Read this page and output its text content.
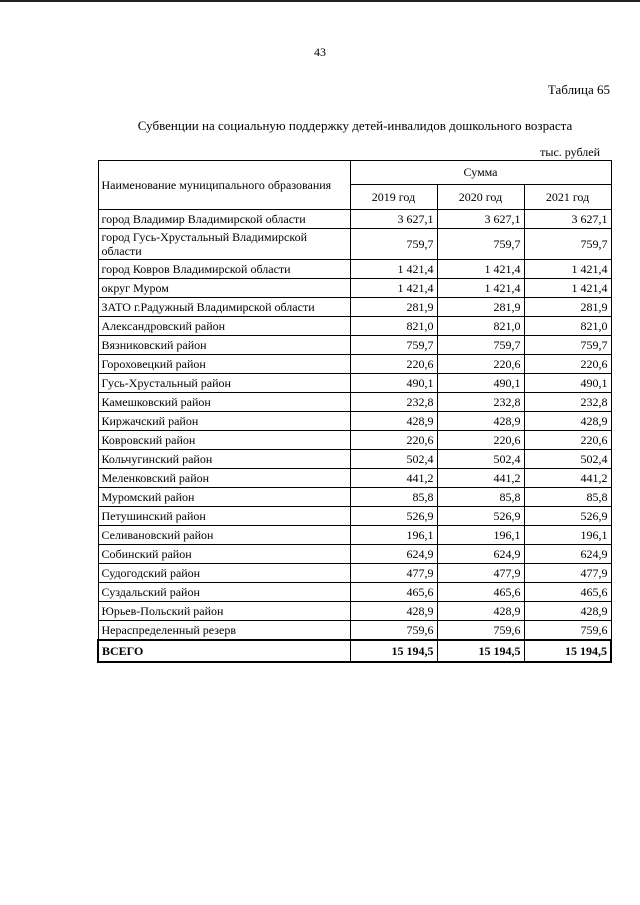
43
Таблица 65
Субвенции на социальную поддержку детей-инвалидов дошкольного возраста
тыс. рублей
Наименование муниципального образования	Сумма		
	2019 год	2020 год	2021 год
город Владимир Владимирской области	3 627,1	3 627,1	3 627,1
город Гусь-Хрустальный Владимирской области	759,7	759,7	759,7
город Ковров Владимирской области	1 421,4	1 421,4	1 421,4
округ Муром	1 421,4	1 421,4	1 421,4
ЗАТО г.Радужный Владимирской области	281,9	281,9	281,9
Александровский район	821,0	821,0	821,0
Вязниковский район	759,7	759,7	759,7
Гороховецкий район	220,6	220,6	220,6
Гусь-Хрустальный район	490,1	490,1	490,1
Камешковский район	232,8	232,8	232,8
Киржачский район	428,9	428,9	428,9
Ковровский район	220,6	220,6	220,6
Кольчугинский район	502,4	502,4	502,4
Меленковский район	441,2	441,2	441,2
Муромский район	85,8	85,8	85,8
Петушинский район	526,9	526,9	526,9
Селивановский район	196,1	196,1	196,1
Собинский район	624,9	624,9	624,9
Судогодский район	477,9	477,9	477,9
Суздальский район	465,6	465,6	465,6
Юрьев-Польский район	428,9	428,9	428,9
Нераспределенный резерв	759,6	759,6	759,6
ВСЕГО	15 194,5	15 194,5	15 194,5
